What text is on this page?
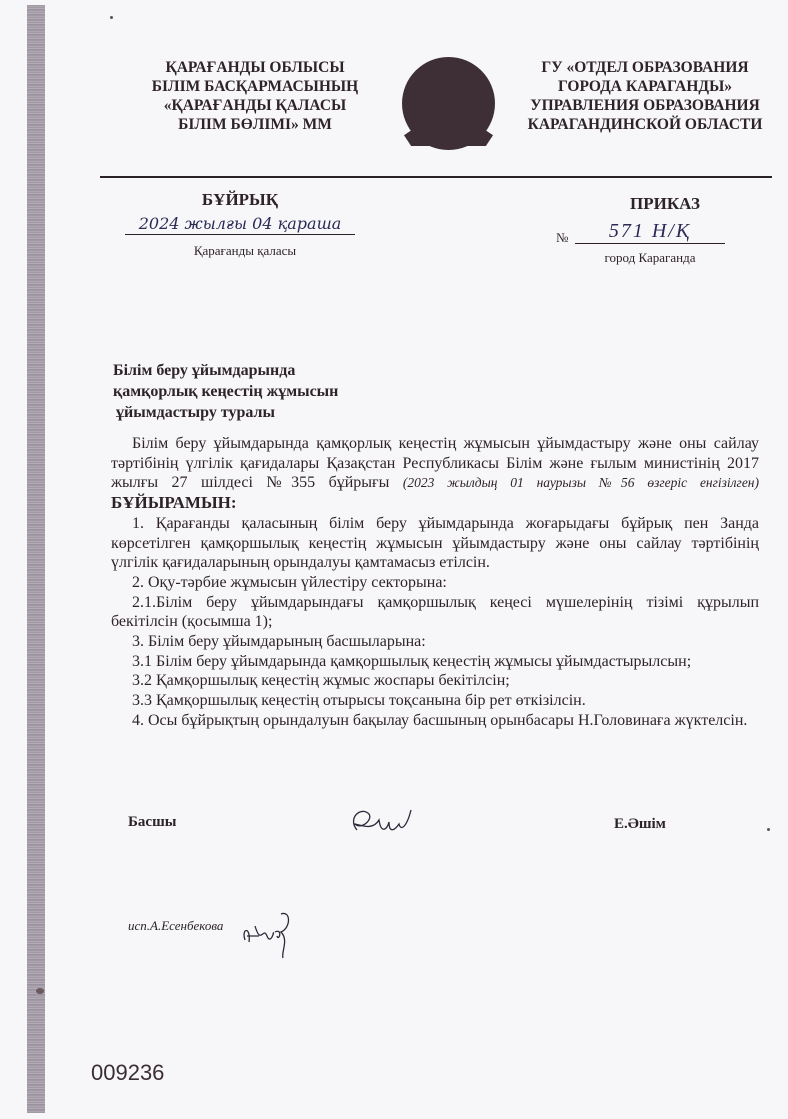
ҚАРАҒАНДЫ ОБЛЫСЫ
БІЛІМ БАСҚАРМАСЫНЫҢ
«ҚАРАҒАНДЫ ҚАЛАСЫ
БІЛІМ БӨЛІМІ» ММ
ГУ «ОТДЕЛ ОБРАЗОВАНИЯ
ГОРОДА КАРАГАНДЫ»
УПРАВЛЕНИЯ ОБРАЗОВАНИЯ
КАРАГАНДИНСКОЙ ОБЛАСТИ
БҰЙРЫҚ
2024 жылғы 04 қараша
Қарағанды қаласы
ПРИКАЗ
№	571 Н/Қ
город Караганда
Білім беру ұйымдарында
қамқорлық кеңестің жұмысын
ұйымдастыру туралы

Білім беру ұйымдарында қамқорлық кеңестің жұмысын ұйымдастыру және оны сайлау тәртібінің үлгілік қағидалары Қазақстан Республикасы Білім және ғылым министінің 2017 жылғы 27 шілдесі №355 бұйрығы (2023 жылдың 01 наурызы №56 өзгеріс енгізілген) БҰЙЫРАМЫН:

1. Қарағанды қаласының білім беру ұйымдарында жоғарыдағы бұйрық пен Занда көрсетілген қамқоршылық кеңестің жұмысын ұйымдастыру және оны сайлау тәртібінің үлгілік қағидаларының орындалуы қамтамасыз етілсін.

2. Оқу-тәрбие жұмысын үйлестіру секторына:

2.1.Білім беру ұйымдарындағы қамқоршылық кеңесі мүшелерінің тізімі құрылып бекітілсін (қосымша 1);

3. Білім беру ұйымдарының басшыларына:

3.1 Білім беру ұйымдарында қамқоршылық кеңестің жұмысы ұйымдастырылсын;

3.2 Қамқоршылық кеңестің жұмыс жоспары бекітілсін;

3.3 Қамқоршылық кеңестің отырысы тоқсанына бір рет өткізілсін.

4. Осы бұйрықтың орындалуын бақылау басшының орынбасары Н.Головинаға жүктелсін.

Басшы	Е.Әшім
исп.А.Есенбекова
009236
